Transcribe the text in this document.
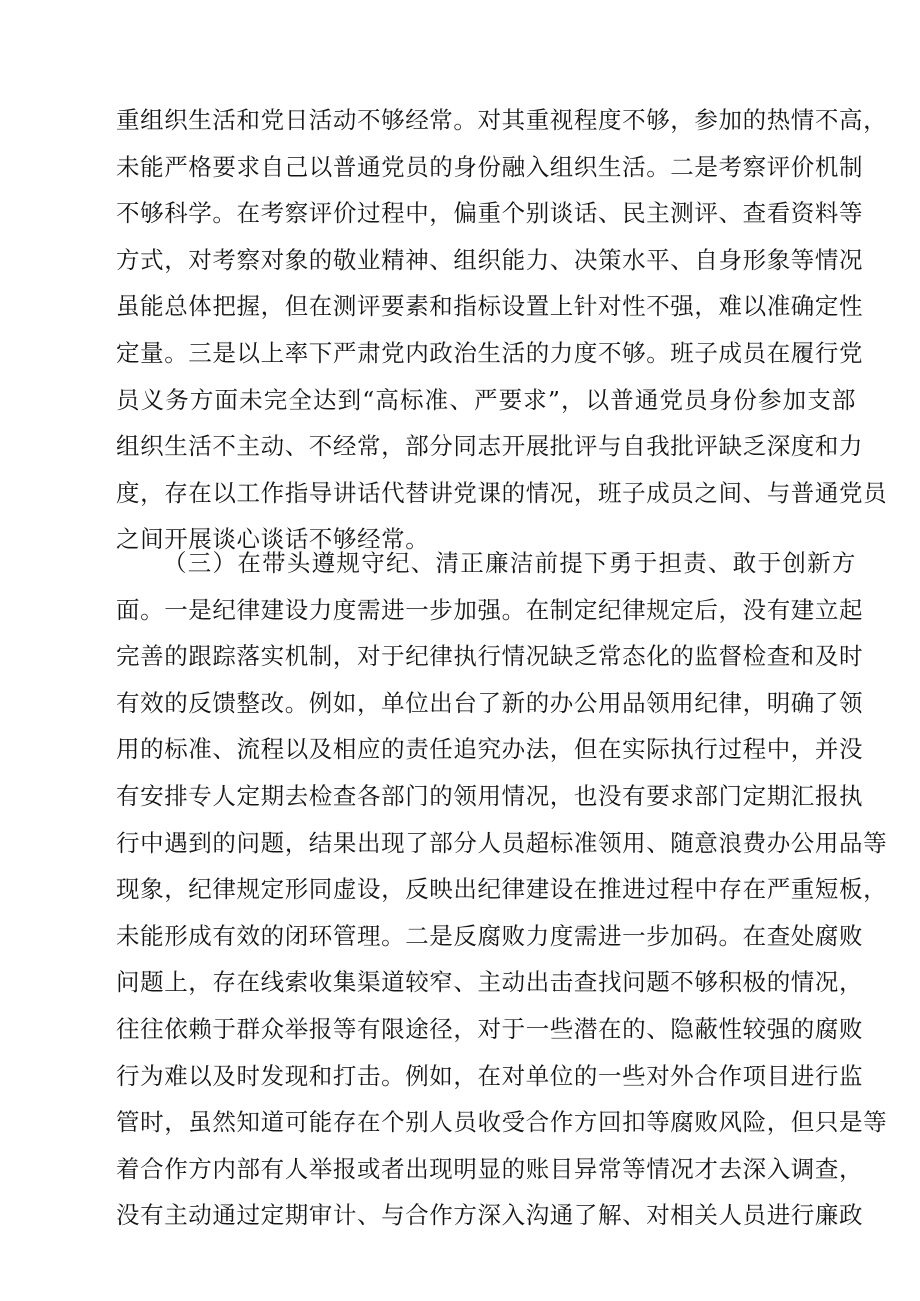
重组织生活和党日活动不够经常。对其重视程度不够，参加的热情不高，
未能严格要求自己以普通党员的身份融入组织生活。二是考察评价机制
不够科学。在考察评价过程中，偏重个别谈话、民主测评、查看资料等
方式，对考察对象的敬业精神、组织能力、决策水平、自身形象等情况
虽能总体把握，但在测评要素和指标设置上针对性不强，难以准确定性
定量。三是以上率下严肃党内政治生活的力度不够。班子成员在履行党
员义务方面未完全达到“高标准、严要求”，以普通党员身份参加支部
组织生活不主动、不经常，部分同志开展批评与自我批评缺乏深度和力
度，存在以工作指导讲话代替讲党课的情况，班子成员之间、与普通党员
之间开展谈心谈话不够经常。
（三）在带头遵规守纪、清正廉洁前提下勇于担责、敢于创新方
面。一是纪律建设力度需进一步加强。在制定纪律规定后，没有建立起
完善的跟踪落实机制，对于纪律执行情况缺乏常态化的监督检查和及时
有效的反馈整改。例如，单位出台了新的办公用品领用纪律，明确了领
用的标准、流程以及相应的责任追究办法，但在实际执行过程中，并没
有安排专人定期去检查各部门的领用情况，也没有要求部门定期汇报执
行中遇到的问题，结果出现了部分人员超标准领用、随意浪费办公用品等
现象，纪律规定形同虚设，反映出纪律建设在推进过程中存在严重短板，
未能形成有效的闭环管理。二是反腐败力度需进一步加码。在查处腐败
问题上，存在线索收集渠道较窄、主动出击查找问题不够积极的情况，
往往依赖于群众举报等有限途径，对于一些潜在的、隐蔽性较强的腐败
行为难以及时发现和打击。例如，在对单位的一些对外合作项目进行监
管时，虽然知道可能存在个别人员收受合作方回扣等腐败风险，但只是等
着合作方内部有人举报或者出现明显的账目异常等情况才去深入调查，
没有主动通过定期审计、与合作方深入沟通了解、对相关人员进行廉政
